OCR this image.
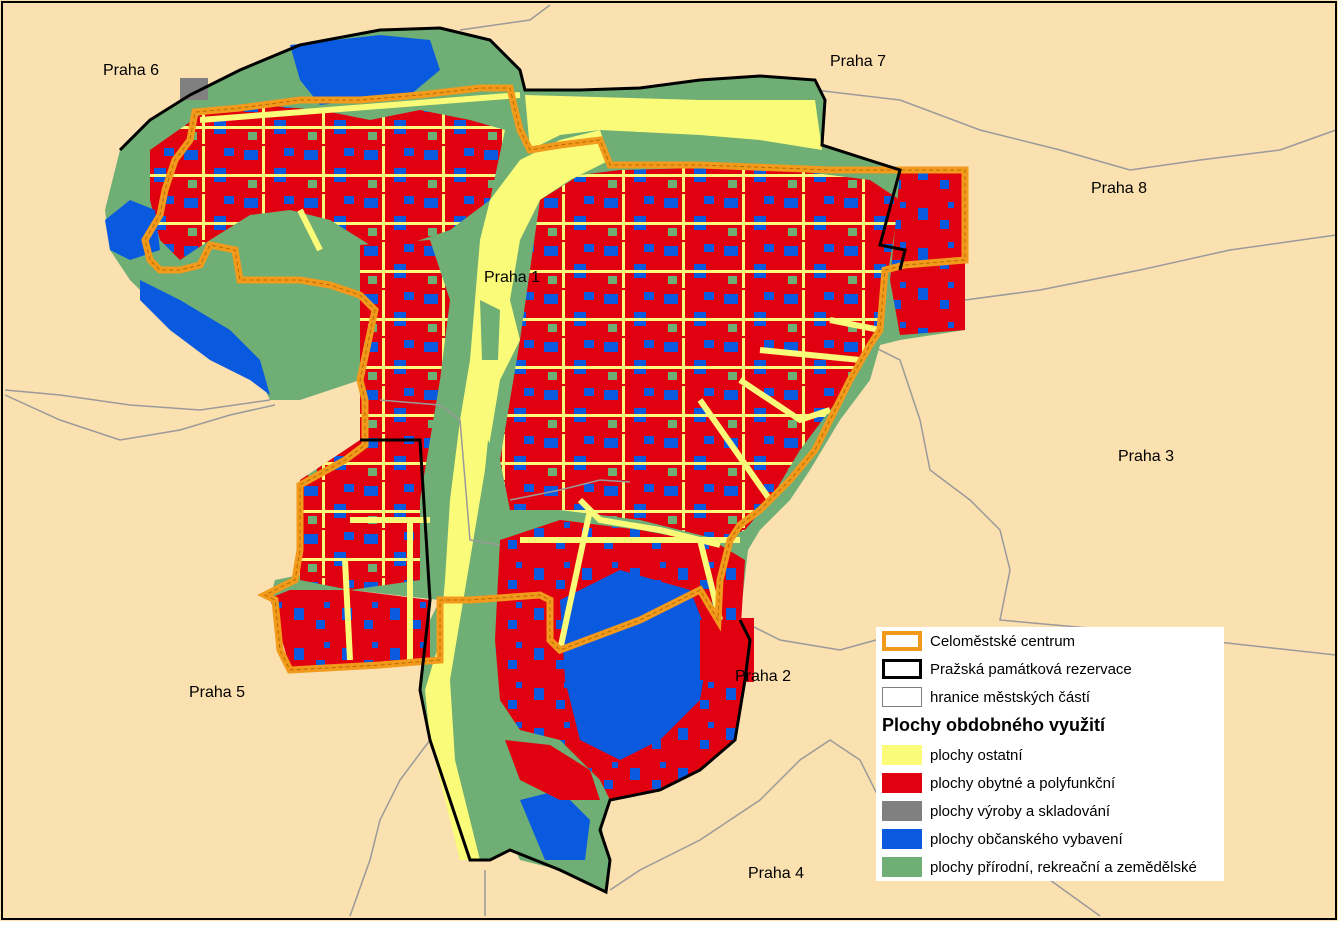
Praha 6
Praha 7
Praha 8
Praha 1
Praha 3
Praha 2
Praha 5
Praha 4
Celoměstské centrum
Pražská památková rezervace
hranice městských částí
Plochy obdobného využití
plochy ostatní
plochy obytné a polyfunkční
plochy výroby a skladování
plochy občanského vybavení
plochy přírodní, rekreační a zemědělské
